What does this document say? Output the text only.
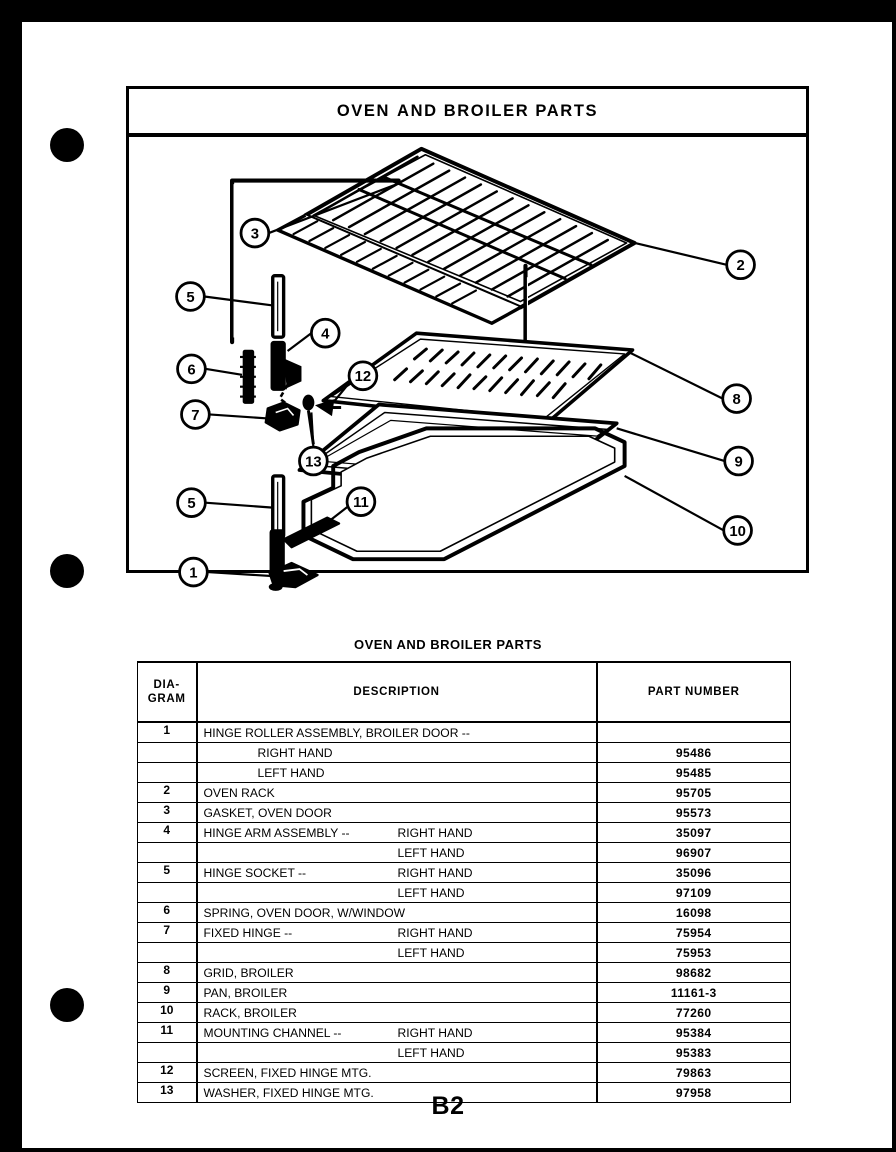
OVEN AND BROILER PARTS
3
2
5
4
6	12
7
8
13	9
5	11
10
1
OVEN AND BROILER PARTS
DIA-
GRAM	DESCRIPTION	PART NUMBER
1	HINGE ROLLER ASSEMBLY, BROILER DOOR --	

	RIGHT HAND	95486

	LEFT HAND	95485

2	OVEN RACK	95705

3	GASKET, OVEN DOOR	95573

4	HINGE ARM ASSEMBLY -- RIGHT HAND	35097

	LEFT HAND	96907

5	HINGE SOCKET -- RIGHT HAND	35096

	LEFT HAND	97109

6	SPRING, OVEN DOOR, W/WINDOW	16098

7	FIXED HINGE -- RIGHT HAND	75954

	LEFT HAND	75953

8	GRID, BROILER	98682

9	PAN, BROILER	11161-3

10	RACK, BROILER	77260

11	MOUNTING CHANNEL -- RIGHT HAND	95384

	LEFT HAND	95383

12	SCREEN, FIXED HINGE MTG.	79863

13	WASHER, FIXED HINGE MTG.	97958
B2
